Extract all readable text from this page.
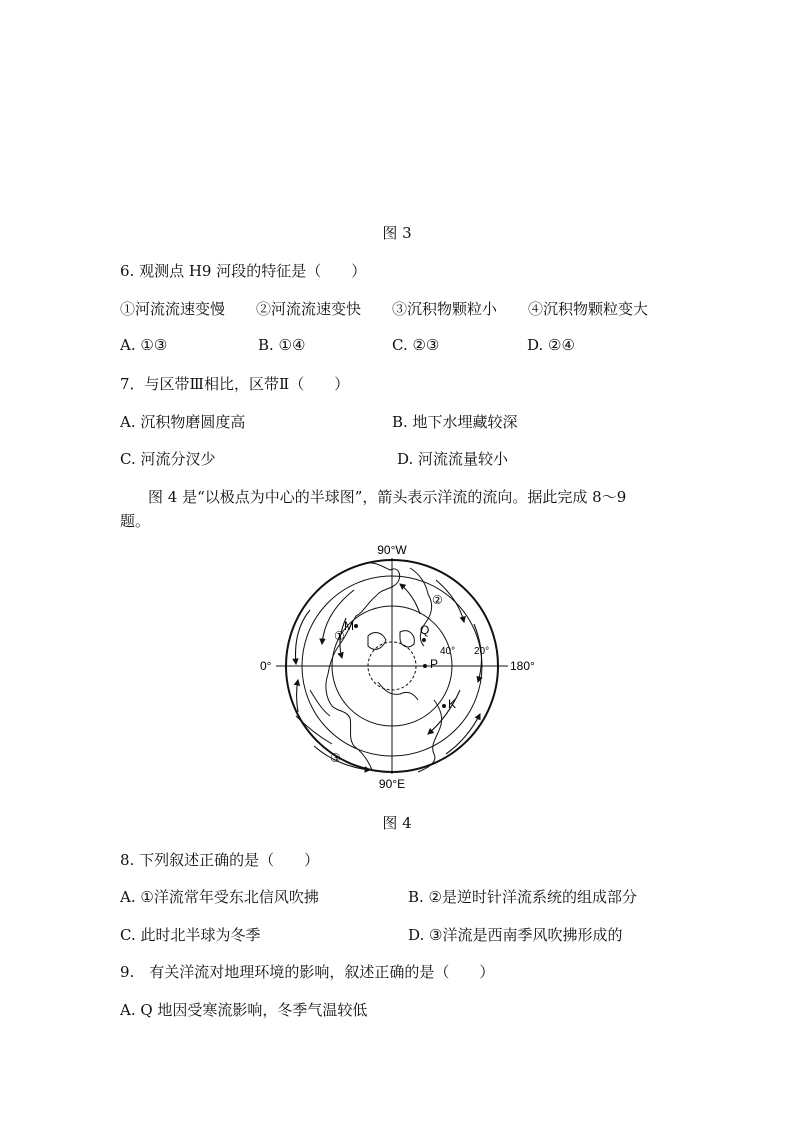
图 3
6. 观测点 H9 河段的特征是（　　）
①河流流速变慢 ②河流流速变快 ③沉积物颗粒小 ④沉积物颗粒变大
A. ①③	B. ①④	C. ②③	D. ②④
7．与区带Ⅲ相比，区带Ⅱ（　　）
A. 沉积物磨圆度高	B. 地下水埋藏较深
C. 河流分汊少	D. 河流流量较小
图 4 是“以极点为中心的半球图”，箭头表示洋流的流向。据此完成 8～9
题。
90°W
90°E
0°	180°
40° 20°
M	Q
P
K
①
②
③
图 4
8. 下列叙述正确的是（　　）
A. ①洋流常年受东北信风吹拂	B. ②是逆时针洋流系统的组成部分
C. 此时北半球为冬季	D. ③洋流是西南季风吹拂形成的
9.　有关洋流对地理环境的影响，叙述正确的是（　　）
A. Q 地因受寒流影响，冬季气温较低
